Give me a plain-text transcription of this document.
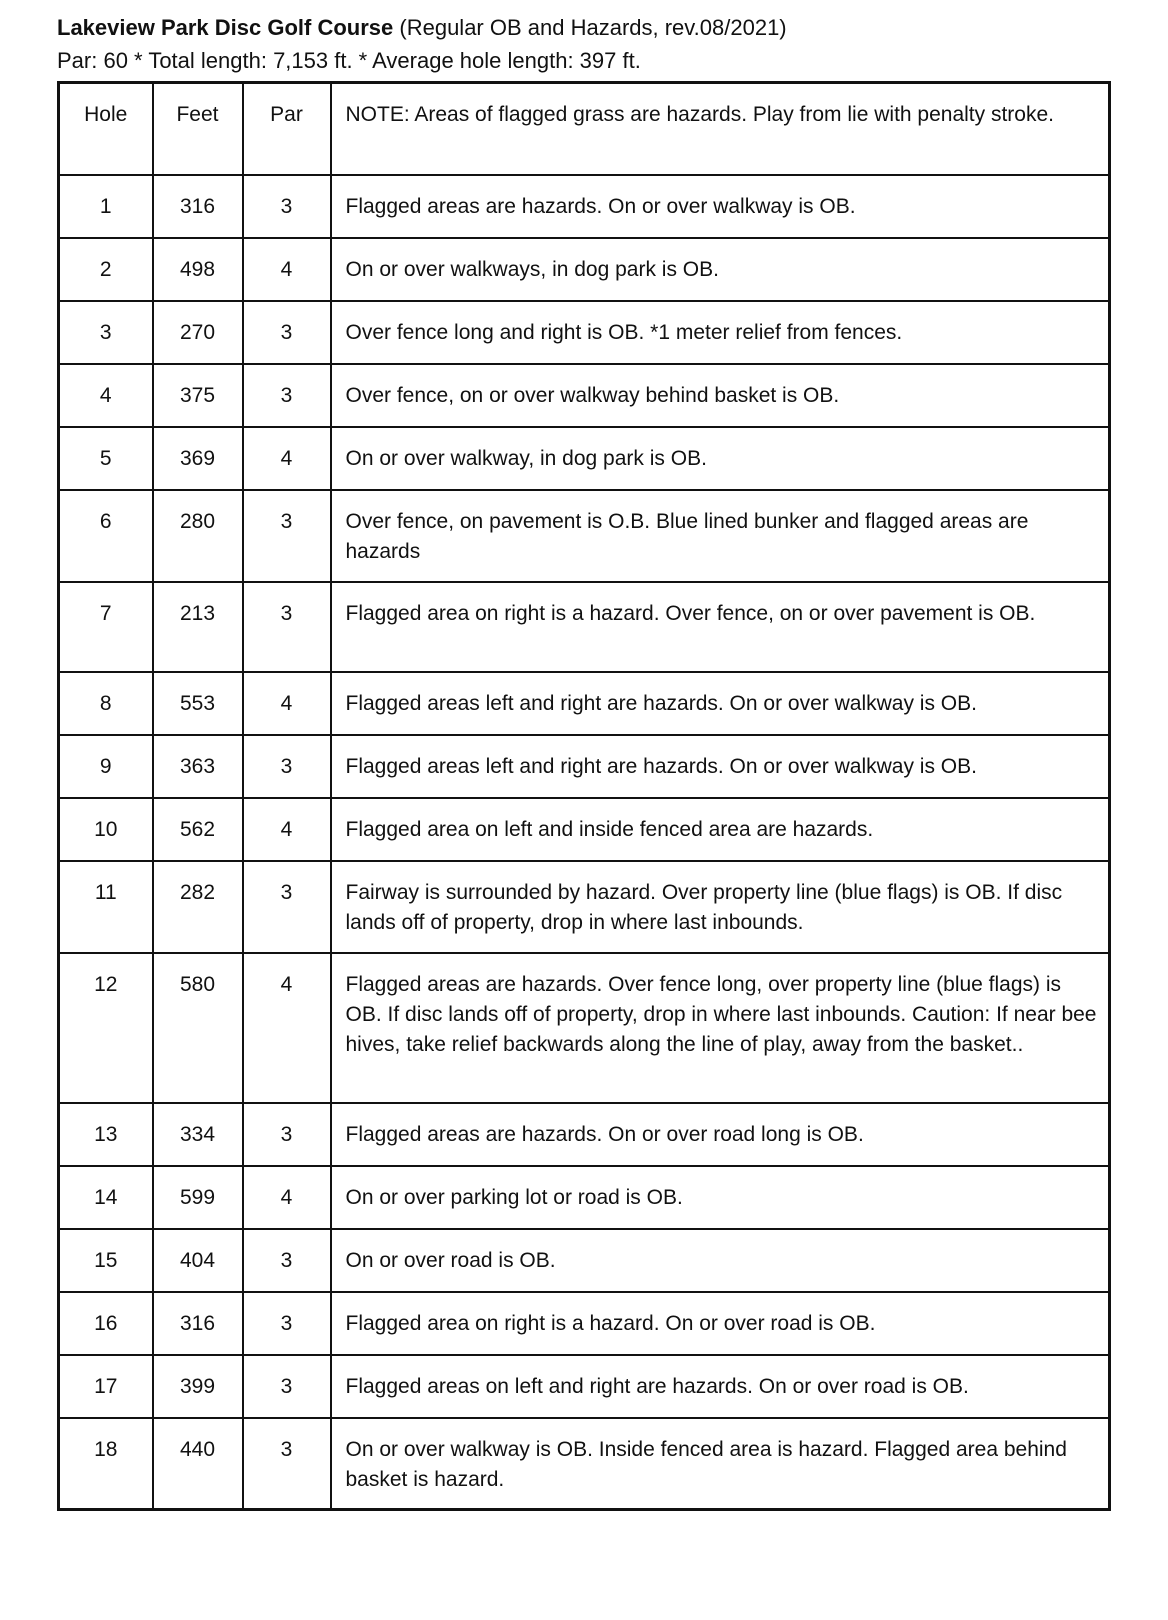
Lakeview Park Disc Golf Course (Regular OB and Hazards, rev.08/2021)
Par: 60 * Total length: 7,153 ft. * Average hole length: 397 ft.
Hole	Feet	Par	NOTE: Areas of flagged grass are hazards. Play from lie with penalty stroke.
1	316	3	Flagged areas are hazards. On or over walkway is OB.
2	498	4	On or over walkways, in dog park is OB.
3	270	3	Over fence long and right is OB. *1 meter relief from fences.
4	375	3	Over fence, on or over walkway behind basket is OB.
5	369	4	On or over walkway, in dog park is OB.
6	280	3	Over fence, on pavement is O.B. Blue lined bunker and flagged areas are hazards
7	213	3	Flagged area on right is a hazard. Over fence, on or over pavement is OB.
8	553	4	Flagged areas left and right are hazards. On or over walkway is OB.
9	363	3	Flagged areas left and right are hazards. On or over walkway is OB.
10	562	4	Flagged area on left and inside fenced area are hazards.
11	282	3	Fairway is surrounded by hazard. Over property line (blue flags) is OB. If disc lands off of property, drop in where last inbounds.
12	580	4	Flagged areas are hazards. Over fence long, over property line (blue flags) is OB. If disc lands off of property, drop in where last inbounds. Caution: If near bee hives, take relief backwards along the line of play, away from the basket..
13	334	3	Flagged areas are hazards. On or over road long is OB.
14	599	4	On or over parking lot or road is OB.
15	404	3	On or over road is OB.
16	316	3	Flagged area on right is a hazard. On or over road is OB.
17	399	3	Flagged areas on left and right are hazards. On or over road is OB.
18	440	3	On or over walkway is OB. Inside fenced area is hazard. Flagged area behind basket is hazard.
